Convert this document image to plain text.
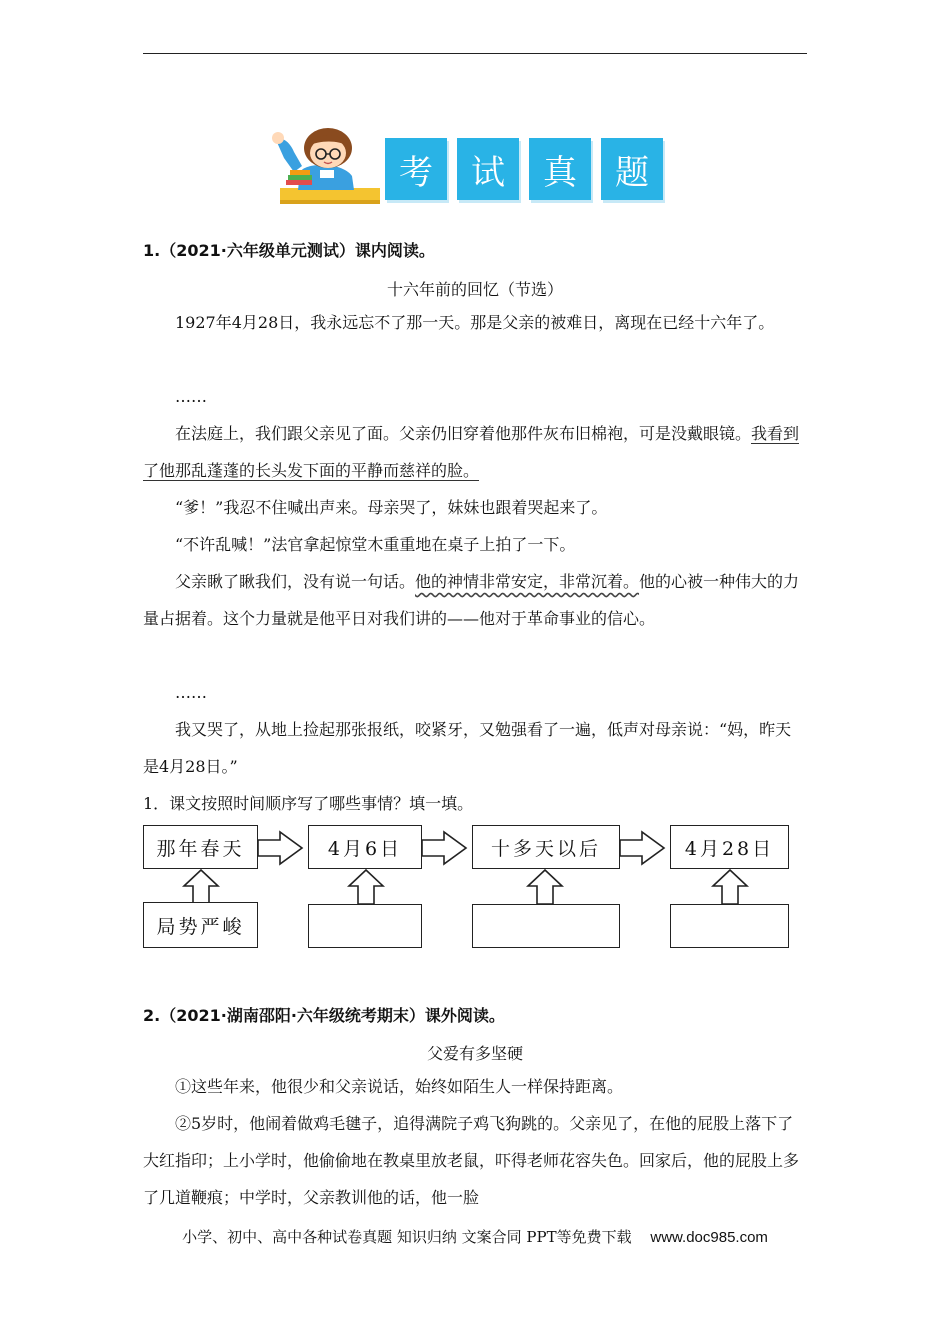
考	试	真	题
1.（2021·六年级单元测试）课内阅读。
十六年前的回忆（节选）
1927年4月28日，我永远忘不了那一天。那是父亲的被难日，离现在已经十六年了。
……
在法庭上，我们跟父亲见了面。父亲仍旧穿着他那件灰布旧棉袍，可是没戴眼镜。我看到了他那乱蓬蓬的长头发下面的平静而慈祥的脸。
“爹！”我忍不住喊出声来。母亲哭了，妹妹也跟着哭起来了。
“不许乱喊！”法官拿起惊堂木重重地在桌子上拍了一下。
父亲瞅了瞅我们，没有说一句话。他的神情非常安定，非常沉着。他的心被一种伟大的力量占据着。这个力量就是他平日对我们讲的——他对于革命事业的信心。
……
我又哭了，从地上捡起那张报纸，咬紧牙，又勉强看了一遍，低声对母亲说：“妈，昨天是4月28日。”
1．课文按照时间顺序写了哪些事情？填一填。
那年春天	4月6日	十多天以后	4月28日
局势严峻
2.（2021·湖南邵阳·六年级统考期末）课外阅读。
父爱有多坚硬
①这些年来，他很少和父亲说话，始终如陌生人一样保持距离。
②5岁时，他闹着做鸡毛毽子，追得满院子鸡飞狗跳的。父亲见了，在他的屁股上落下了大红指印；上小学时，他偷偷地在教桌里放老鼠，吓得老师花容失色。回家后，他的屁股上多了几道鞭痕；中学时，父亲教训他的话，他一脸
小学、初中、高中各种试卷真题 知识归纳 文案合同 PPT等免费下载 www.doc985.com
